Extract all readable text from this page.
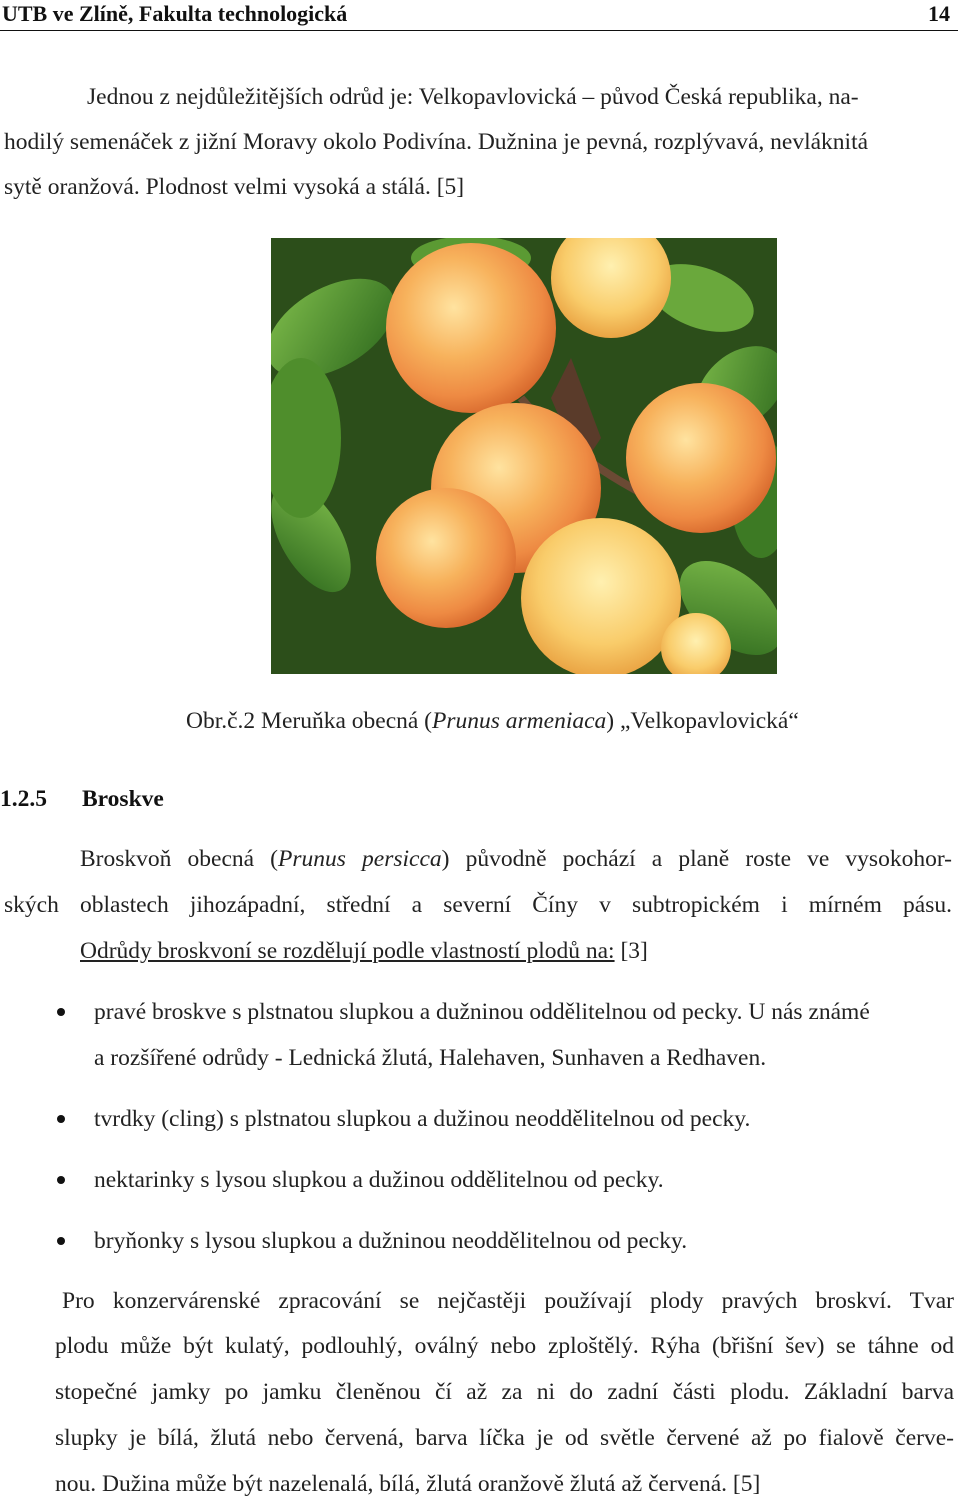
UTB ve Zlíně, Fakulta technologická	14
Jednou z nejdůležitějších odrůd je: Velkopavlovická – původ Česká republika, na-
hodilý semenáček z jižní Moravy okolo Podivína. Dužnina je pevná, rozplývavá, nevláknitá
sytě oranžová. Plodnost velmi vysoká a stálá. [5]
Obr.č.2 Meruňka obecná (Prunus armeniaca) „Velkopavlovická“
1.2.5 Broskve
Broskvoň obecná (Prunus persicca) původně pochází a planě roste ve vysokohor-
ských oblastech jihozápadní, střední a severní Číny v subtropickém i mírném pásu.
Odrůdy broskvoní se rozdělují podle vlastností plodů na: [3]
pravé broskve s plstnatou slupkou a dužninou oddělitelnou od pecky. U nás známé
a rozšířené odrůdy - Lednická žlutá, Halehaven, Sunhaven a Redhaven.
tvrdky (cling) s plstnatou slupkou a dužinou neoddělitelnou od pecky.
nektarinky s lysou slupkou a dužinou oddělitelnou od pecky.
bryňonky s lysou slupkou a dužninou neoddělitelnou od pecky.
Pro konzervárenské zpracování se nejčastěji používají plody pravých broskví. Tvar
plodu může být kulatý, podlouhlý, oválný nebo zploštělý. Rýha (břišní šev) se táhne od
stopečné jamky po jamku členěnou čí až za ni do zadní části plodu. Základní barva
slupky je bílá, žlutá nebo červená, barva líčka je od světle červené až po fialově červe-
nou. Dužina může být nazelenalá, bílá, žlutá oranžově žlutá až červená. [5]
